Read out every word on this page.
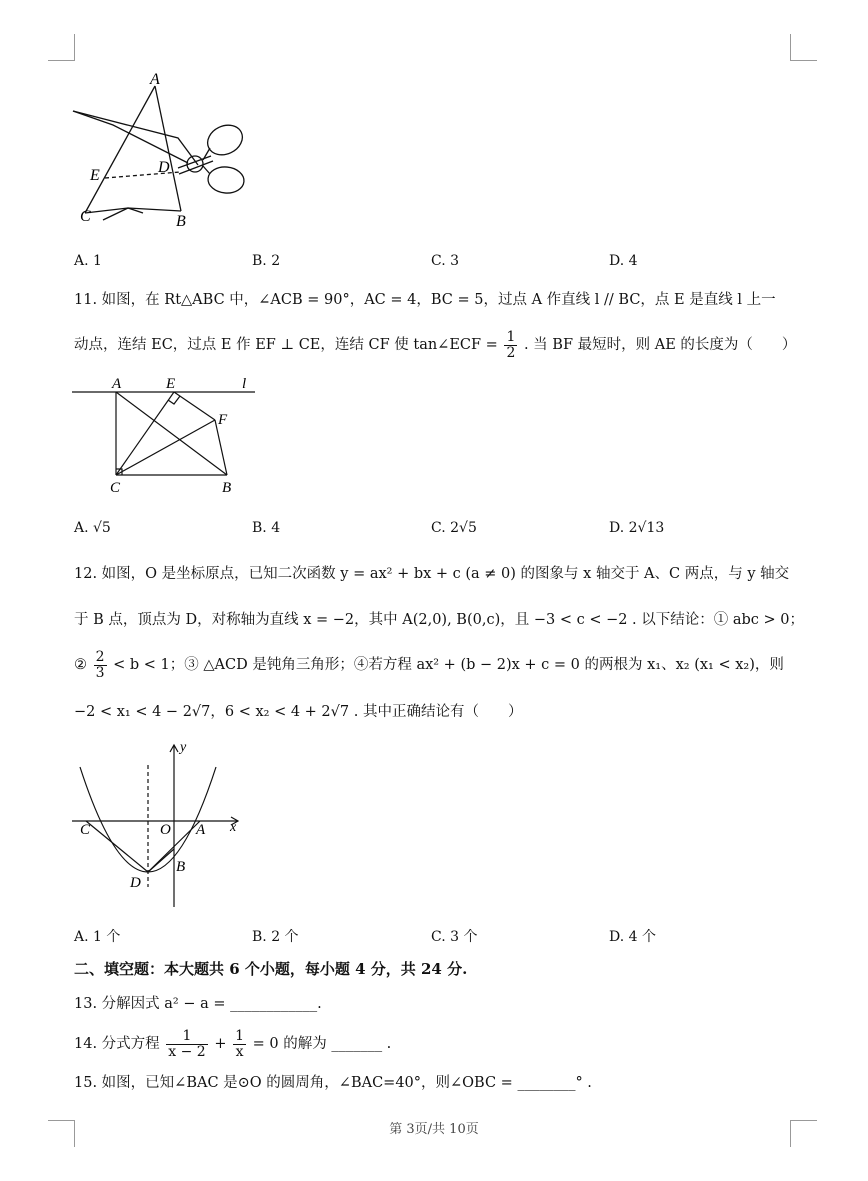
A
E	D
C	B
A. 1	B. 2	C. 3	D. 4
11. 如图，在 Rt△ABC 中，∠ACB = 90°，AC = 4，BC = 5，过点 A 作直线 l // BC，点 E 是直线 l 上一
动点，连结 EC，过点 E 作 EF ⊥ CE，连结 CF 使 tan∠ECF = $\frac{1}{2}$ . 当 BF 最短时，则 AE 的长度为（　　）
A	E	l
F
C	B
A. √5	B. 4	C. 2√5	D. 2√13
12. 如图，O 是坐标原点，已知二次函数 y = ax² + bx + c (a ≠ 0) 的图象与 x 轴交于 A、C 两点，与 y 轴交
于 B 点，顶点为 D，对称轴为直线 x = −2，其中 A(2,0), B(0,c)，且 −3 < c < −2 . 以下结论：① abc > 0；
② $\frac{2}{3} < b < 1$；③ △ACD 是钝角三角形；④若方程 ax² + (b − 2)x + c = 0 的两根为 x₁、x₂ (x₁ < x₂)，则
−2 < x₁ < 4 − 2√7，6 < x₂ < 4 + 2√7 . 其中正确结论有（　　）
y
x
C	O A
B
D
A. 1 个	B. 2 个	C. 3 个	D. 4 个
二、填空题：本大题共 6 个小题，每小题 4 分，共 24 分.
13. 分解因式 a² − a = ____________.
14. 分式方程 $\frac{1}{x - 2} + \frac{1}{x} = 0$ 的解为 _______ .
15. 如图，已知∠BAC 是⊙O 的圆周角，∠BAC=40°，则∠OBC = ________° .
第 3页/共 10页
